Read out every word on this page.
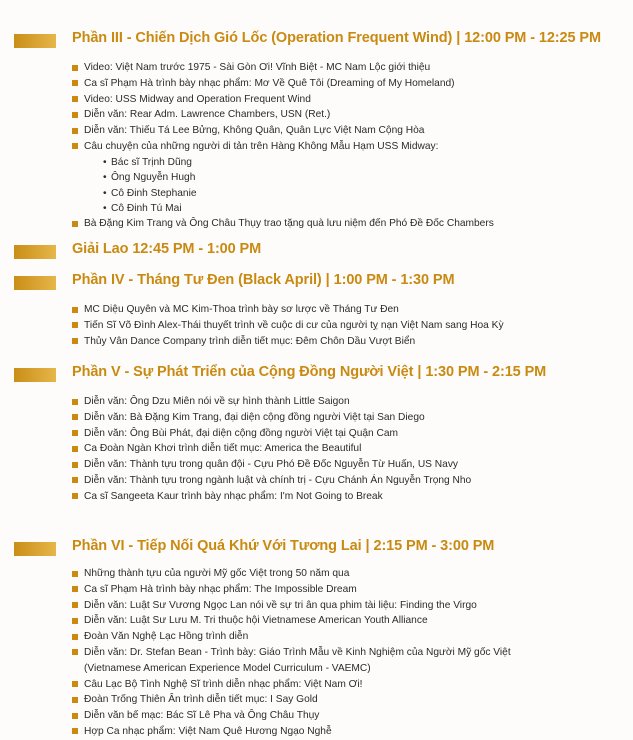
Phần III - Chiến Dịch Gió Lốc (Operation Frequent Wind) | 12:00 PM - 12:25 PM
Video: Việt Nam trước 1975 - Sài Gòn Ơi! Vĩnh Biệt - MC Nam Lộc giới thiệu
Ca sĩ Phạm Hà trình bày nhạc phẩm: Mơ Về Quê Tôi (Dreaming of My Homeland)
Video: USS Midway and Operation Frequent Wind
Diễn văn: Rear Adm. Lawrence Chambers, USN (Ret.)
Diễn văn: Thiếu Tá Lee Bửng, Không Quân, Quân Lực Việt Nam Cộng Hòa
Câu chuyện của những người di tản trên Hàng Không Mẫu Hạm USS Midway:
• Bác sĩ Trịnh Dũng
• Ông Nguyễn Hugh
• Cô Đinh Stephanie
• Cô Đinh Tú Mai
Bà Đặng Kim Trang và Ông Châu Thụy trao tặng quà lưu niệm đến Phó Đề Đốc Chambers
Giải Lao 12:45 PM - 1:00 PM
Phần IV - Tháng Tư Đen (Black April) | 1:00 PM - 1:30 PM
MC Diệu Quyên và MC Kim-Thoa trình bày sơ lược về Tháng Tư Đen
Tiến Sĩ Võ Đình Alex-Thái thuyết trình về cuộc di cư của người tỵ nạn Việt Nam sang Hoa Kỳ
Thủy Vân Dance Company trình diễn tiết mục: Đêm Chôn Dầu Vượt Biển
Phần V - Sự Phát Triển của Cộng Đồng Người Việt | 1:30 PM - 2:15 PM
Diễn văn: Ông Dzu Miên nói về sự hình thành Little Saigon
Diễn văn: Bà Đặng Kim Trang, đại diện cộng đồng người Việt tại San Diego
Diễn văn: Ông Bùi Phát, đại diện cộng đồng người Việt tại Quận Cam
Ca Đoàn Ngàn Khơi trình diễn tiết mục: America the Beautiful
Diễn văn: Thành tựu trong quân đội - Cựu Phó Đề Đốc Nguyễn Từ Huấn, US Navy
Diễn văn: Thành tựu trong ngành luật và chính trị - Cựu Chánh Án Nguyễn Trọng Nho
Ca sĩ Sangeeta Kaur trình bày nhạc phẩm: I'm Not Going to Break
Phần VI - Tiếp Nối Quá Khứ Với Tương Lai | 2:15 PM - 3:00 PM
Những thành tựu của người Mỹ gốc Việt trong 50 năm qua
Ca sĩ Phạm Hà trình bày nhạc phẩm: The Impossible Dream
Diễn văn: Luật Sư Vương Ngọc Lan nói về sự tri ân qua phim tài liệu: Finding the Virgo
Diễn văn: Luật Sư Lưu M. Tri thuộc hội Vietnamese American Youth Alliance
Đoàn Văn Nghệ Lạc Hồng trình diễn
Diễn văn: Dr. Stefan Bean - Trình bày: Giáo Trình Mẫu về Kinh Nghiệm của Người Mỹ gốc Việt
(Vietnamese American Experience Model Curriculum - VAEMC)
Câu Lạc Bộ Tình Nghệ Sĩ trình diễn nhạc phẩm: Việt Nam Ơi!
Đoàn Trống Thiên Ân trình diễn tiết mục: I Say Gold
Diễn văn bế mạc: Bác Sĩ Lê Pha và Ông Châu Thụy
Hợp Ca nhạc phẩm: Việt Nam Quê Hương Ngạo Nghễ
